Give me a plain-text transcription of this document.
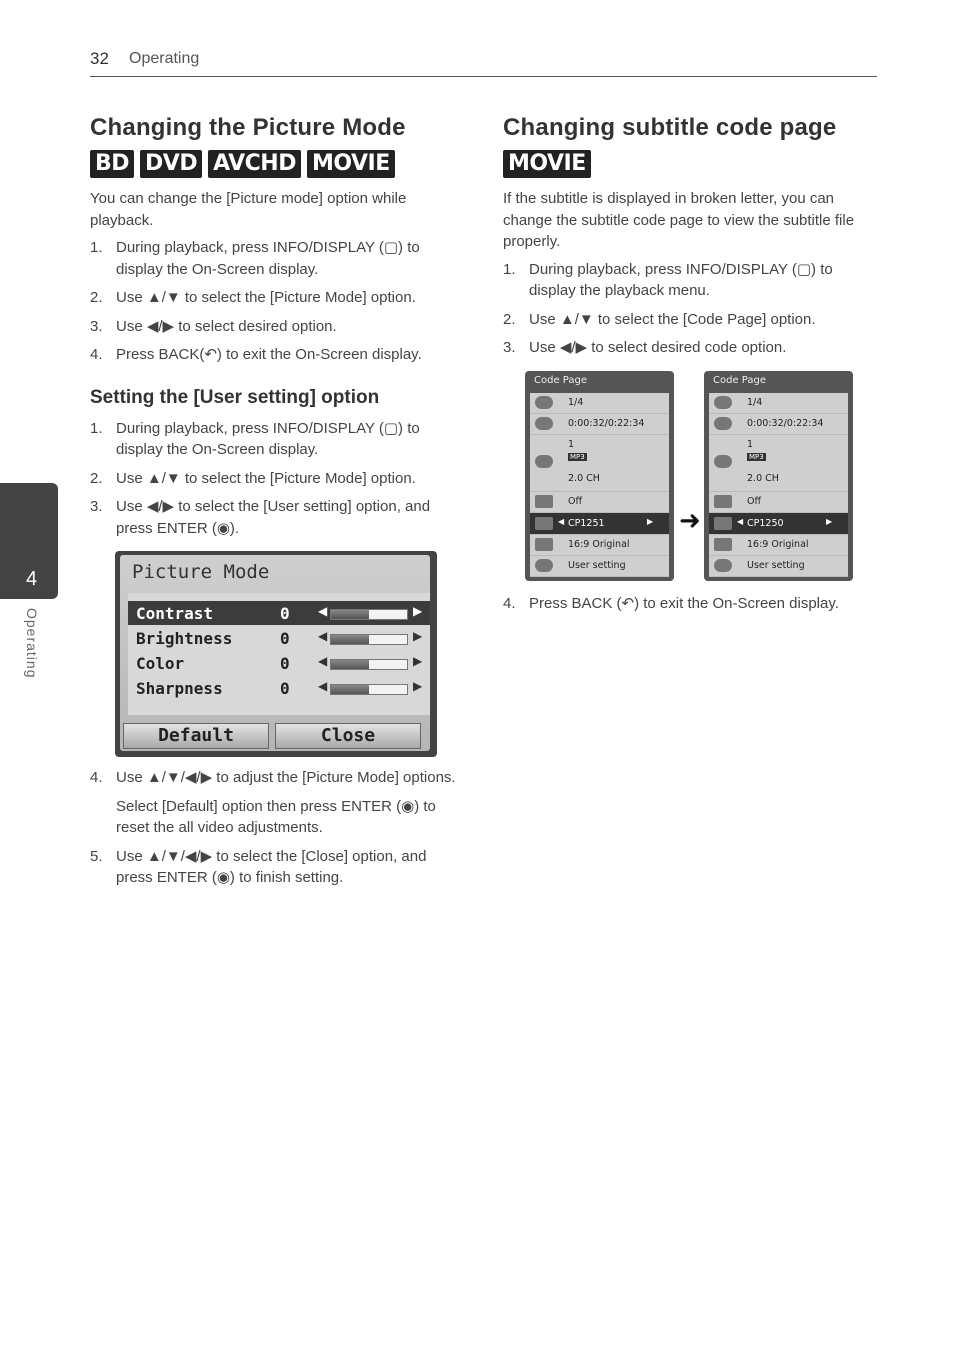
32 Operating
4
Operating
Changing the Picture Mode
BD DVD AVCHD MOVIE

You can change the [Picture mode] option while playback.

1. During playback, press INFO/DISPLAY (▢) to display the On-Screen display.
2. Use ▲/▼ to select the [Picture Mode] option.
3. Use ◀/▶ to select desired option.
4. Press BACK(↶) to exit the On-Screen display.
Setting the [User setting] option
1. During playback, press INFO/DISPLAY (▢) to display the On-Screen display.
2. Use ▲/▼ to select the [Picture Mode] option.
3. Use ◀/▶ to select the [User setting] option, and press ENTER (◉).
Picture Mode
Contrast	0 ◀	▶
Brightness	0 ◀	▶
Color	0 ◀	▶
Sharpness	0 ◀	▶
Default	Close
4. Use ▲/▼/◀/▶ to adjust the [Picture Mode] options.

Select [Default] option then press ENTER (◉) to reset the all video adjustments.

5. Use ▲/▼/◀/▶ to select the [Close] option, and press ENTER (◉) to finish setting.
Changing subtitle code page
MOVIE

If the subtitle is displayed in broken letter, you can change the subtitle code page to view the subtitle file properly.

1. During playback, press INFO/DISPLAY (▢) to display the playback menu.
2. Use ▲/▼ to select the [Code Page] option.
3. Use ◀/▶ to select desired code option.
Code Page
1/4
0:00:32/0:22:34
1
MP3
2.0 CH
Off
◀ CP1251	▶
16:9 Original
User setting
➜
Code Page
1/4
0:00:32/0:22:34
1
MP3
2.0 CH
Off
◀ CP1250	▶
16:9 Original
User setting
4. Press BACK (↶) to exit the On-Screen display.
